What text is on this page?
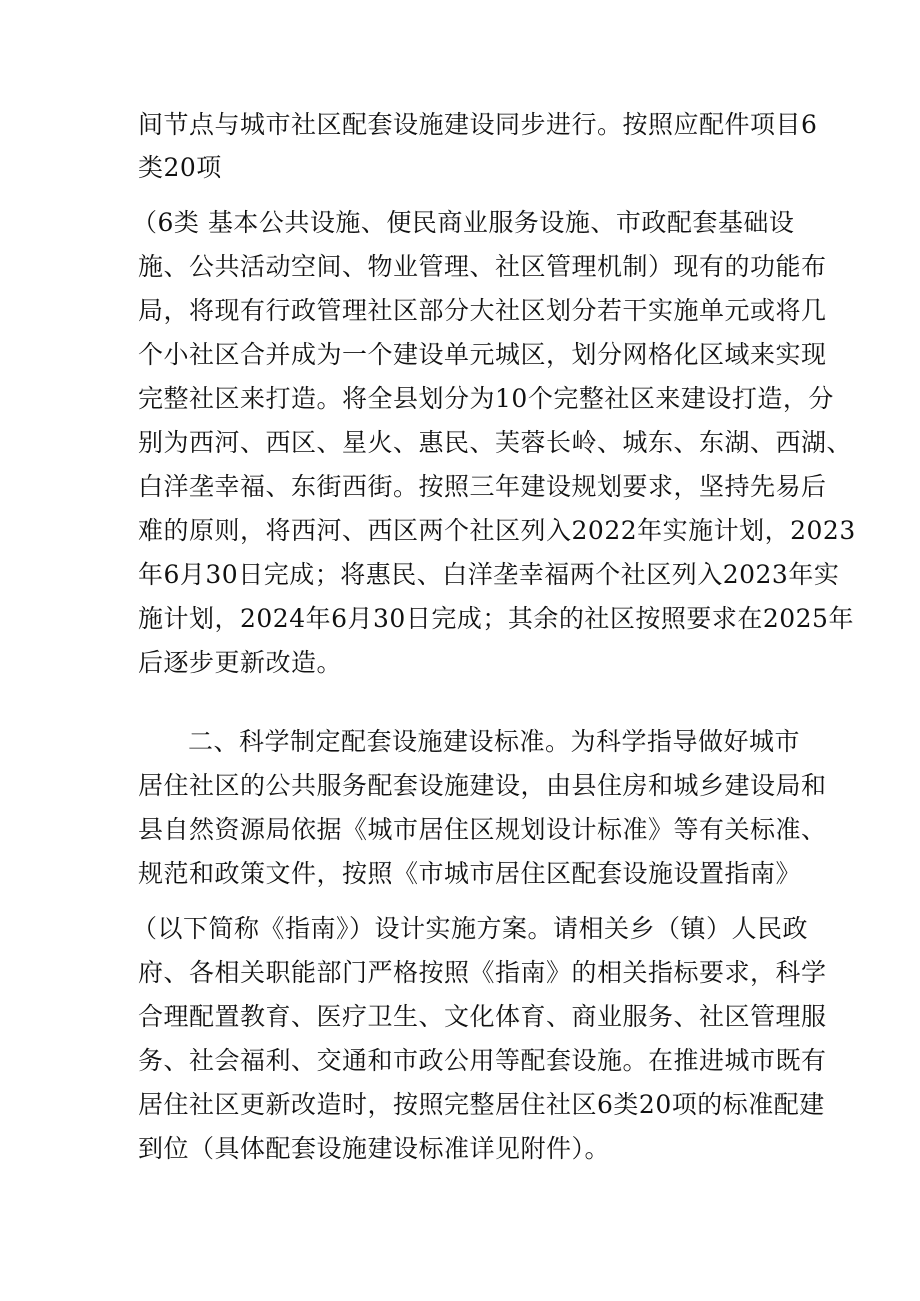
间节点与城市社区配套设施建设同步进行。按照应配件项目6
类20项
（6类 基本公共设施、便民商业服务设施、市政配套基础设
施、公共活动空间、物业管理、社区管理机制）现有的功能布
局，将现有行政管理社区部分大社区划分若干实施单元或将几
个小社区合并成为一个建设单元城区，划分网格化区域来实现
完整社区来打造。将全县划分为10个完整社区来建设打造，分
别为西河、西区、星火、惠民、芙蓉长岭、城东、东湖、西湖、
白洋垄幸福、东街西街。按照三年建设规划要求，坚持先易后
难的原则，将西河、西区两个社区列入2022年实施计划，2023
年6月30日完成；将惠民、白洋垄幸福两个社区列入2023年实
施计划，2024年6月30日完成；其余的社区按照要求在2025年
后逐步更新改造。
二、科学制定配套设施建设标准。为科学指导做好城市
居住社区的公共服务配套设施建设，由县住房和城乡建设局和
县自然资源局依据《城市居住区规划设计标准》等有关标准、
规范和政策文件，按照《市城市居住区配套设施设置指南》
（以下简称《指南》）设计实施方案。请相关乡（镇）人民政
府、各相关职能部门严格按照《指南》的相关指标要求，科学
合理配置教育、医疗卫生、文化体育、商业服务、社区管理服
务、社会福利、交通和市政公用等配套设施。在推进城市既有
居住社区更新改造时，按照完整居住社区6类20项的标准配建
到位（具体配套设施建设标准详见附件）。
